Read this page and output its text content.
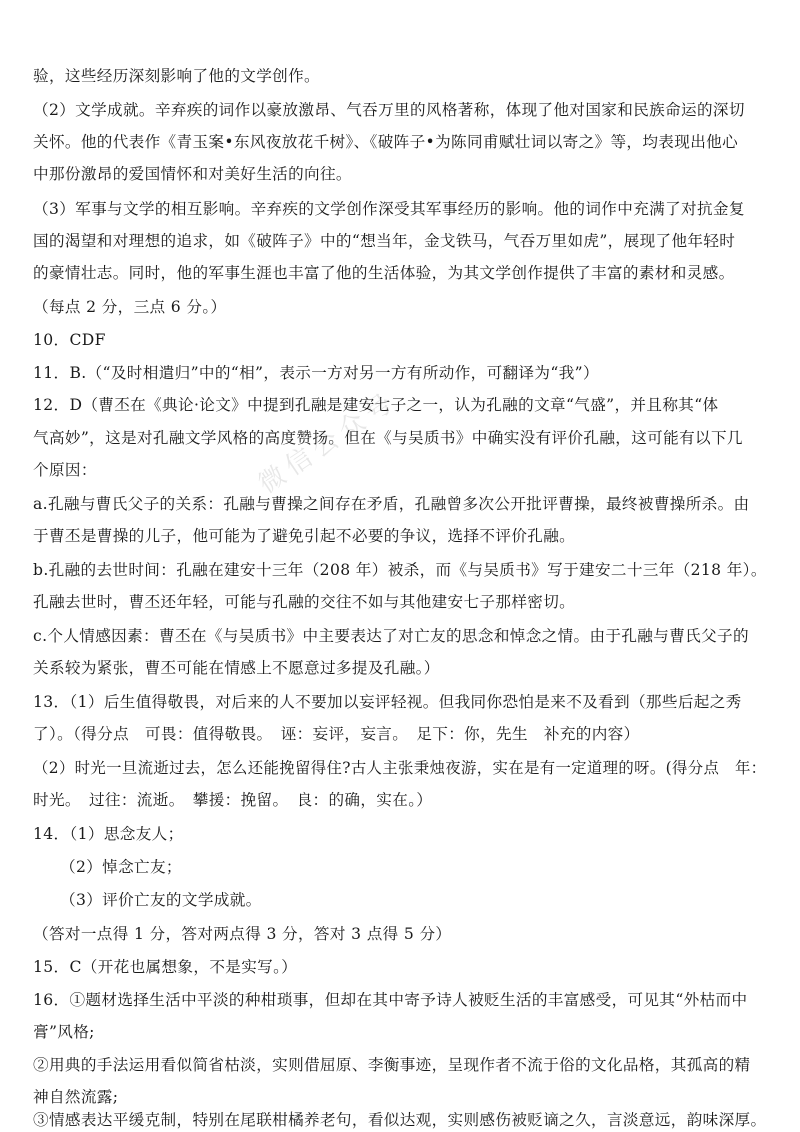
验，这些经历深刻影响了他的文学创作。
（2）文学成就。辛弃疾的词作以豪放激昂、气吞万里的风格著称，体现了他对国家和民族命运的深切
关怀。他的代表作《青玉案•东风夜放花千树》、《破阵子•为陈同甫赋壮词以寄之》等，均表现出他心
中那份激昂的爱国情怀和对美好生活的向往。
（3）军事与文学的相互影响。辛弃疾的文学创作深受其军事经历的影响。他的词作中充满了对抗金复
国的渴望和对理想的追求，如《破阵子》中的“想当年，金戈铁马，气吞万里如虎”，展现了他年轻时
的豪情壮志。同时，他的军事生涯也丰富了他的生活体验，为其文学创作提供了丰富的素材和灵感。
（每点 2 分，三点 6 分。）
10．CDF
11．B.（“及时相遣归”中的“相”，表示一方对另一方有所动作，可翻译为“我”）
12．D（曹丕在《典论·论文》中提到孔融是建安七子之一，认为孔融的文章“气盛”，并且称其“体
气高妙”，这是对孔融文学风格的高度赞扬。但在《与吴质书》中确实没有评价孔融，这可能有以下几
个原因：
a.孔融与曹氏父子的关系：孔融与曹操之间存在矛盾，孔融曾多次公开批评曹操，最终被曹操所杀。由
于曹丕是曹操的儿子，他可能为了避免引起不必要的争议，选择不评价孔融。
b.孔融的去世时间：孔融在建安十三年（208 年）被杀，而《与吴质书》写于建安二十三年（218 年）。
孔融去世时，曹丕还年轻，可能与孔融的交往不如与其他建安七子那样密切。
c.个人情感因素：曹丕在《与吴质书》中主要表达了对亡友的思念和悼念之情。由于孔融与曹氏父子的
关系较为紧张，曹丕可能在情感上不愿意过多提及孔融。）
13．（1）后生值得敬畏，对后来的人不要加以妄评轻视。但我同你恐怕是来不及看到（那些后起之秀
了）。（得分点　可畏：值得敬畏。　诬：妄评，妄言。　足下：你，先生　补充的内容）
（2）时光一旦流逝过去，怎么还能挽留得住?古人主张秉烛夜游，实在是有一定道理的呀。(得分点　年：
时光。　过往：流逝。　攀援：挽留。　良：的确，实在。）
14．（1）思念友人；
（2）悼念亡友；
（3）评价亡友的文学成就。
（答对一点得 1 分，答对两点得 3 分，答对 3 点得 5 分）
15．C（开花也属想象，不是实写。）
16．①题材选择生活中平淡的种柑琐事，但却在其中寄予诗人被贬生活的丰富感受，可见其“外枯而中
膏”风格;
②用典的手法运用看似简省枯淡，实则借屈原、李衡事迹，呈现作者不流于俗的文化品格，其孤高的精
神自然流露;
③情感表达平缓克制，特别在尾联柑橘养老句，看似达观，实则感伤被贬谪之久，言淡意远，韵味深厚。
微信公众号
